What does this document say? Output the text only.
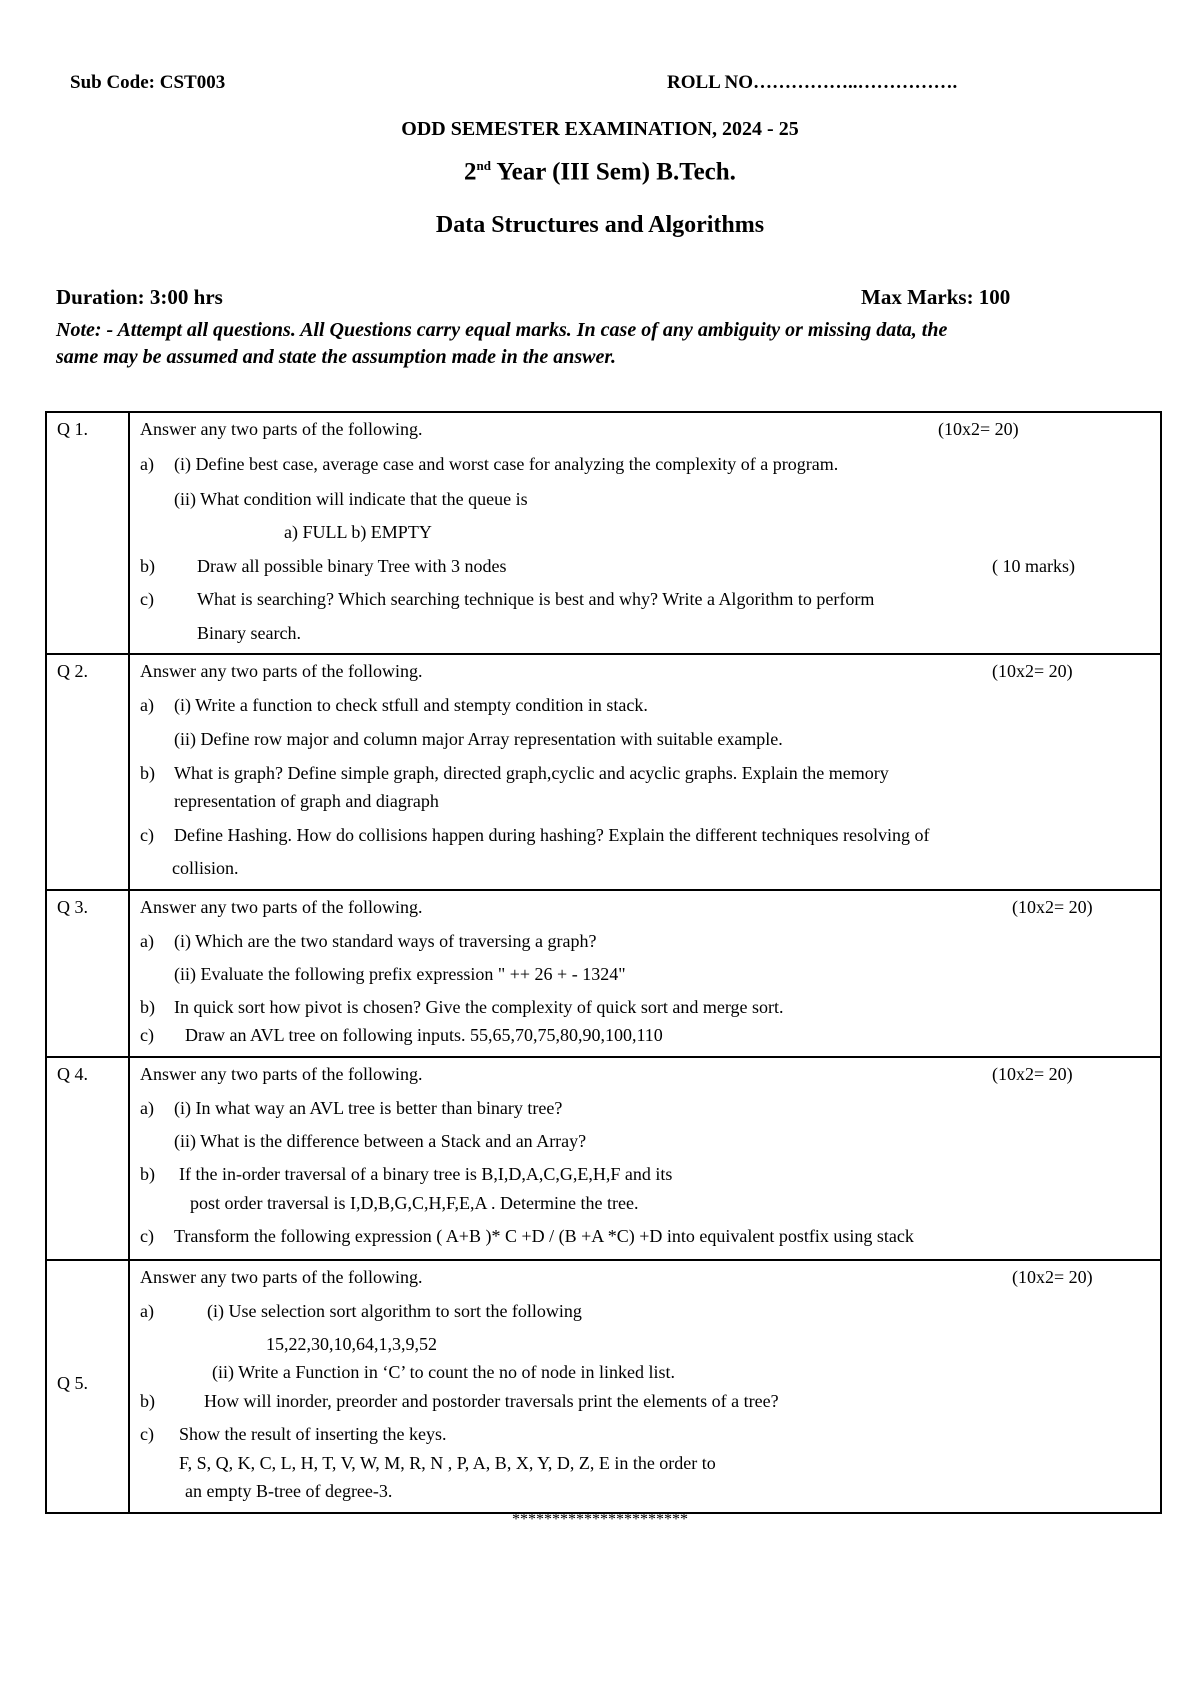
Sub Code: CST003	ROLL NO……………..…………….
ODD SEMESTER EXAMINATION, 2024 - 25
2nd Year (III Sem) B.Tech.
Data Structures and Algorithms
Duration: 3:00 hrs	Max Marks: 100
Note: - Attempt all questions. All Questions carry equal marks. In case of any ambiguity or missing data, the
same may be assumed and state the assumption made in the answer.
Q 1.	Answer any two parts of the following.	(10x2= 20)
a) (i) Define best case, average case and worst case for analyzing the complexity of a program.
(ii) What condition will indicate that the queue is
a) FULL b) EMPTY
b) Draw all possible binary Tree with 3 nodes	( 10 marks)
c) What is searching? Which searching technique is best and why? Write a Algorithm to perform
Binary search.
Q 2.	Answer any two parts of the following.	(10x2= 20)
a) (i) Write a function to check stfull and stempty condition in stack.
(ii) Define row major and column major Array representation with suitable example.
b) What is graph? Define simple graph, directed graph,cyclic and acyclic graphs. Explain the memory
representation of graph and diagraph
c) Define Hashing. How do collisions happen during hashing? Explain the different techniques resolving of
collision.
Q 3.	Answer any two parts of the following.	(10x2= 20)
a) (i) Which are the two standard ways of traversing a graph?
(ii) Evaluate the following prefix expression " ++ 26 + - 1324"
b) In quick sort how pivot is chosen? Give the complexity of quick sort and merge sort.
c) Draw an AVL tree on following inputs. 55,65,70,75,80,90,100,110
Q 4.	Answer any two parts of the following.	(10x2= 20)
a) (i) In what way an AVL tree is better than binary tree?
(ii) What is the difference between a Stack and an Array?
b) If the in-order traversal of a binary tree is B,I,D,A,C,G,E,H,F and its
post order traversal is I,D,B,G,C,H,F,E,A . Determine the tree.
c) Transform the following expression ( A+B )* C +D / (B +A *C) +D into equivalent postfix using stack
Q 5.
Answer any two parts of the following.	(10x2= 20)
a)	(i) Use selection sort algorithm to sort the following
15,22,30,10,64,1,3,9,52
(ii) Write a Function in ‘C’ to count the no of node in linked list.
b)	How will inorder, preorder and postorder traversals print the elements of a tree?
c) Show the result of inserting the keys.
F, S, Q, K, C, L, H, T, V, W, M, R, N , P, A, B, X, Y, D, Z, E in the order to
an empty B-tree of degree-3.
**********************
